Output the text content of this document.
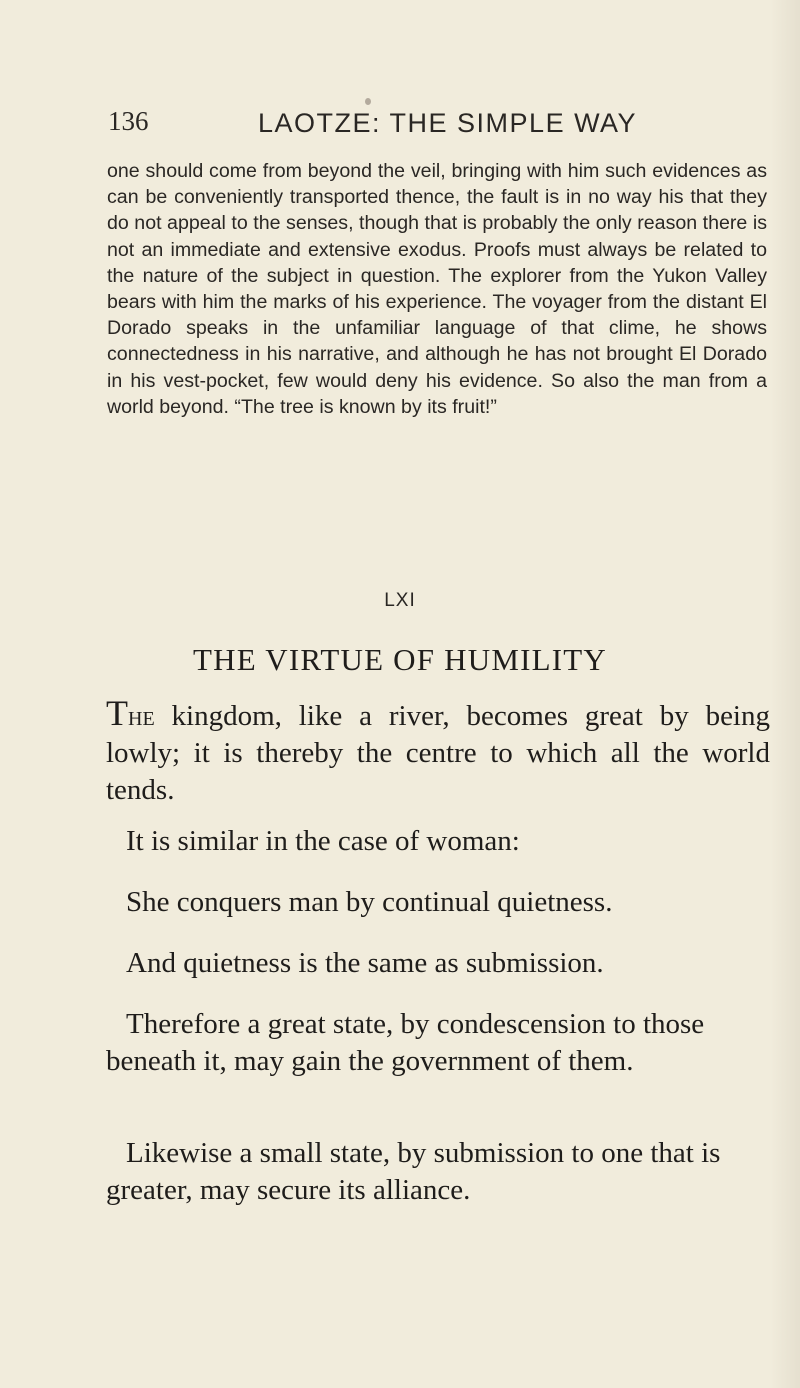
136	LAOTZE: THE SIMPLE WAY

one should come from beyond the veil, bringing with him such evidences as can be conveniently transported thence, the fault is in no way his that they do not appeal to the senses, though that is probably the only reason there is not an immediate and extensive exodus. Proofs must always be related to the nature of the subject in question. The explorer from the Yukon Valley bears with him the marks of his experience. The voyager from the distant El Dorado speaks in the unfamiliar language of that clime, he shows connectedness in his narrative, and although he has not brought El Dorado in his vest-pocket, few would deny his evidence. So also the man from a world beyond. “The tree is known by its fruit!”

LXI
THE VIRTUE OF HUMILITY

The kingdom, like a river, becomes great by being lowly; it is thereby the centre to which all the world tends.

It is similar in the case of woman:

She conquers man by continual quietness.

And quietness is the same as submission.

Therefore a great state, by condescension to those beneath it, may gain the government of them.

Likewise a small state, by submission to one that is greater, may secure its alliance.
